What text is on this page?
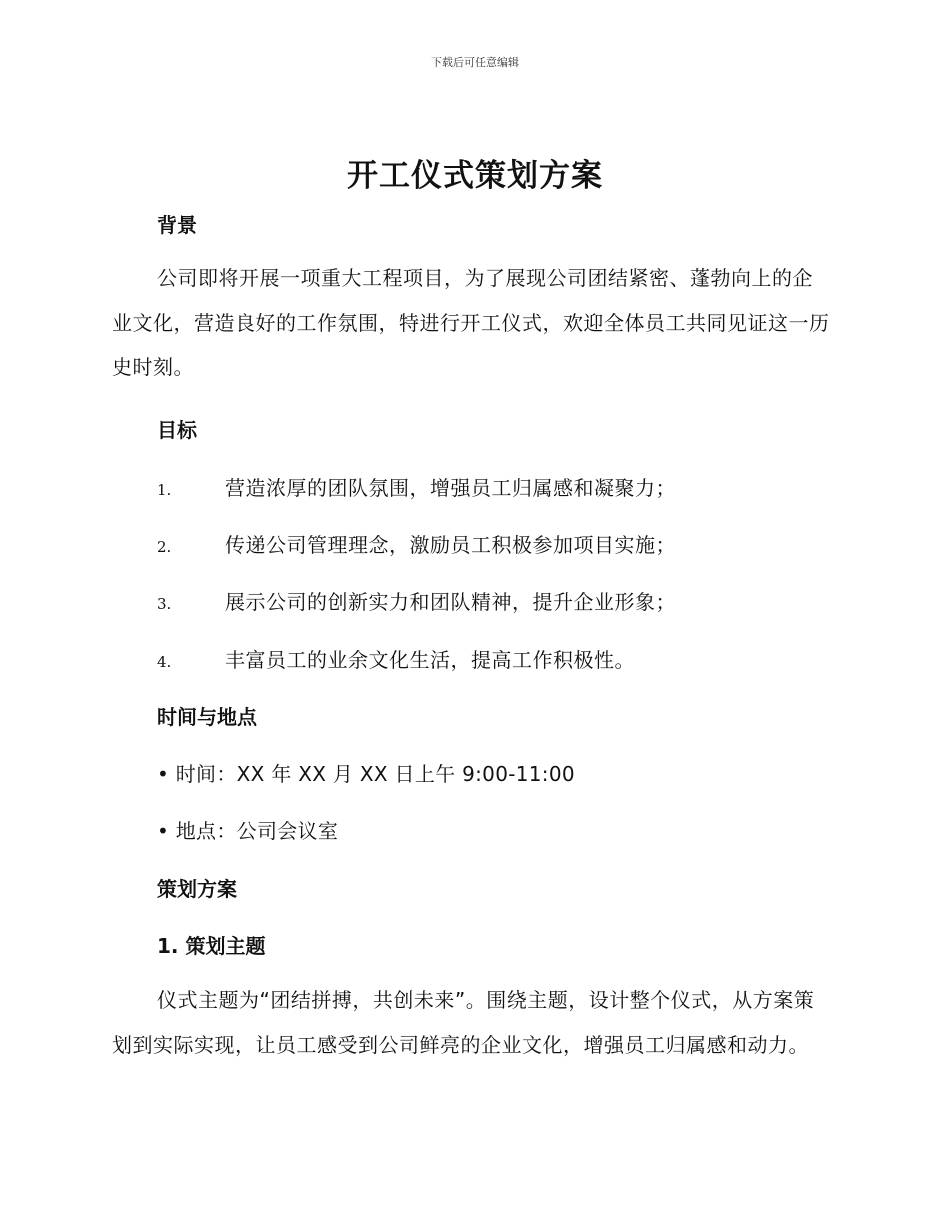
下载后可任意编辑
开工仪式策划方案
背景

公司即将开展一项重大工程项目，为了展现公司团结紧密、蓬勃向上的企业文化，营造良好的工作氛围，特进行开工仪式，欢迎全体员工共同见证这一历史时刻。

目标
1.	营造浓厚的团队氛围，增强员工归属感和凝聚力；
2.	传递公司管理理念，激励员工积极参加项目实施；
3.	展示公司的创新实力和团队精神，提升企业形象；
4.	丰富员工的业余文化生活，提高工作积极性。
时间与地点
• 时间：XX 年 XX 月 XX 日上午 9:00-11:00
• 地点：公司会议室
策划方案
1. 策划主题

仪式主题为“团结拼搏，共创未来”。围绕主题，设计整个仪式，从方案策划到实际实现，让员工感受到公司鲜亮的企业文化，增强员工归属感和动力。
